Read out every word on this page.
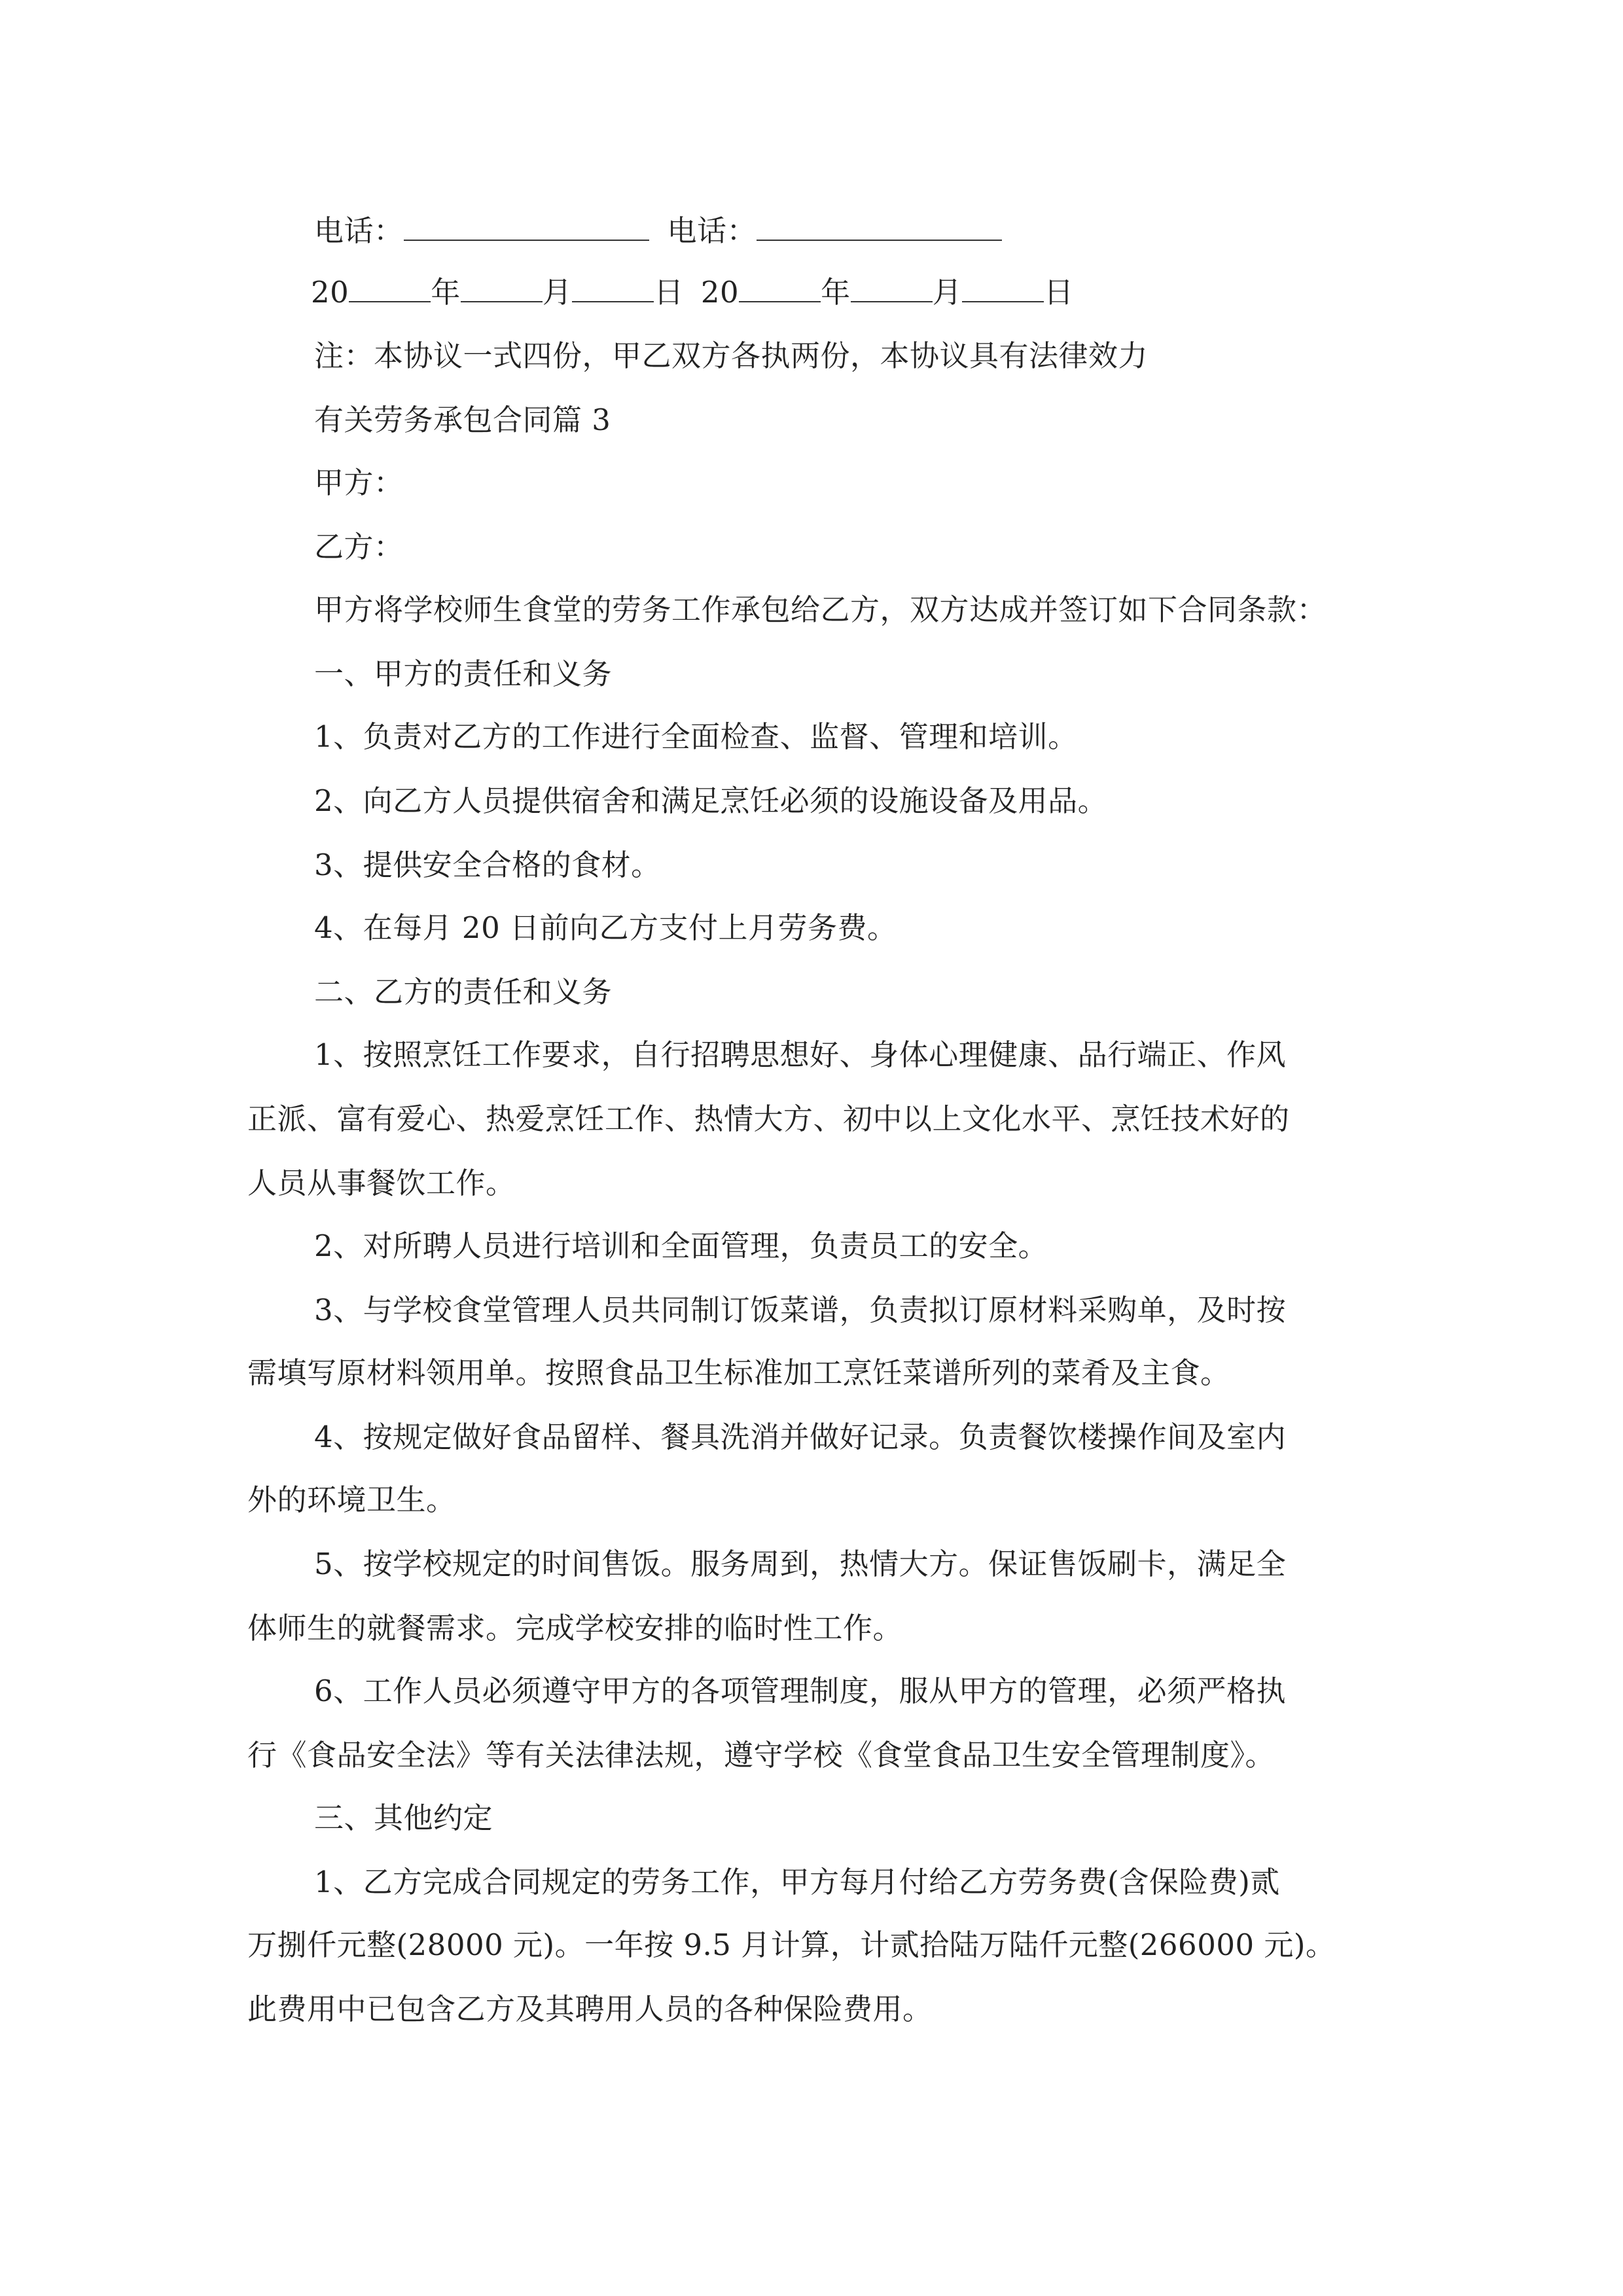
电话：	电话：
20	年	月	日 20	年	月	日
注：本协议一式四份，甲乙双方各执两份，本协议具有法律效力
有关劳务承包合同篇 3
甲方：
乙方：
甲方将学校师生食堂的劳务工作承包给乙方，双方达成并签订如下合同条款：
一、甲方的责任和义务
1、负责对乙方的工作进行全面检查、监督、管理和培训。
2、向乙方人员提供宿舍和满足烹饪必须的设施设备及用品。
3、提供安全合格的食材。
4、在每月 20 日前向乙方支付上月劳务费。
二、乙方的责任和义务
1、按照烹饪工作要求，自行招聘思想好、身体心理健康、品行端正、作风
正派、富有爱心、热爱烹饪工作、热情大方、初中以上文化水平、烹饪技术好的
人员从事餐饮工作。
2、对所聘人员进行培训和全面管理，负责员工的安全。
3、与学校食堂管理人员共同制订饭菜谱，负责拟订原材料采购单，及时按
需填写原材料领用单。按照食品卫生标准加工烹饪菜谱所列的菜肴及主食。
4、按规定做好食品留样、餐具洗消并做好记录。负责餐饮楼操作间及室内
外的环境卫生。
5、按学校规定的时间售饭。服务周到，热情大方。保证售饭刷卡，满足全
体师生的就餐需求。完成学校安排的临时性工作。
6、工作人员必须遵守甲方的各项管理制度，服从甲方的管理，必须严格执
行《食品安全法》等有关法律法规，遵守学校《食堂食品卫生安全管理制度》。
三、其他约定
1、乙方完成合同规定的劳务工作，甲方每月付给乙方劳务费(含保险费)贰
万捌仟元整(28000 元)。一年按 9.5 月计算，计贰拾陆万陆仟元整(266000 元)。
此费用中已包含乙方及其聘用人员的各种保险费用。
